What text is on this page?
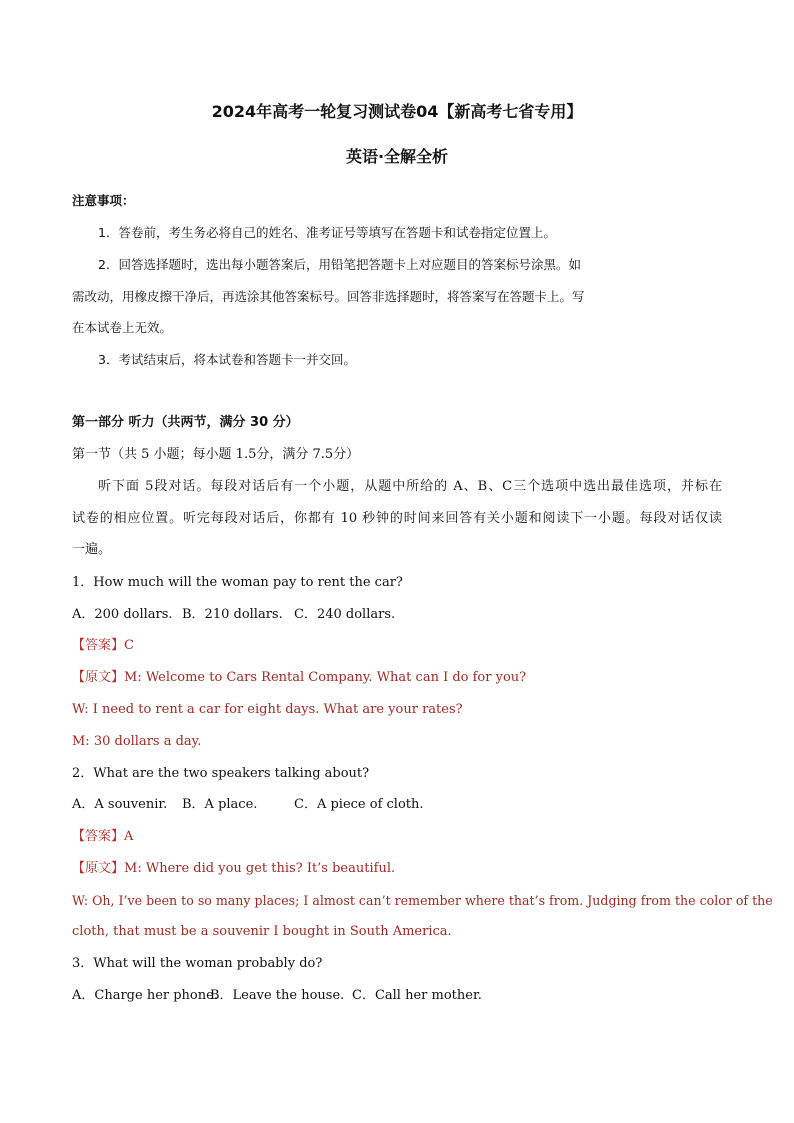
2024年高考一轮复习测试卷04【新高考七省专用】
英语·全解全析
注意事项：
1．答卷前，考生务必将自己的姓名、准考证号等填写在答题卡和试卷指定位置上。
2．回答选择题时，选出每小题答案后，用铅笔把答题卡上对应题目的答案标号涂黑。如
需改动，用橡皮擦干净后，再选涂其他答案标号。回答非选择题时，将答案写在答题卡上。写
在本试卷上无效。
3．考试结束后，将本试卷和答题卡一并交回。
第一部分 听力（共两节，满分 30 分）
第一节（共 5 小题；每小题 1.5分，满分 7.5分）
听下面 5段对话。每段对话后有一个小题，从题中所给的 A、B、C三个选项中选出最佳选项，并标在
试卷的相应位置。听完每段对话后，你都有 10 秒钟的时间来回答有关小题和阅读下一小题。每段对话仅读
一遍。
1．How much will the woman pay to rent the car?
A．200 dollars. B．210 dollars. C．240 dollars.
【答案】C
【原文】M: Welcome to Cars Rental Company. What can I do for you?
W: I need to rent a car for eight days. What are your rates?
M: 30 dollars a day.
2．What are the two speakers talking about?
A．A souvenir. B．A place.	C．A piece of cloth.
【答案】A
【原文】M: Where did you get this? It’s beautiful.
W: Oh, I’ve been to so many places; I almost can’t remember where that’s from. Judging from the color of the
cloth, that must be a souvenir I bought in South America.
3．What will the woman probably do?
A．Charge her phone.
B．Leave the house. C．Call her mother.
